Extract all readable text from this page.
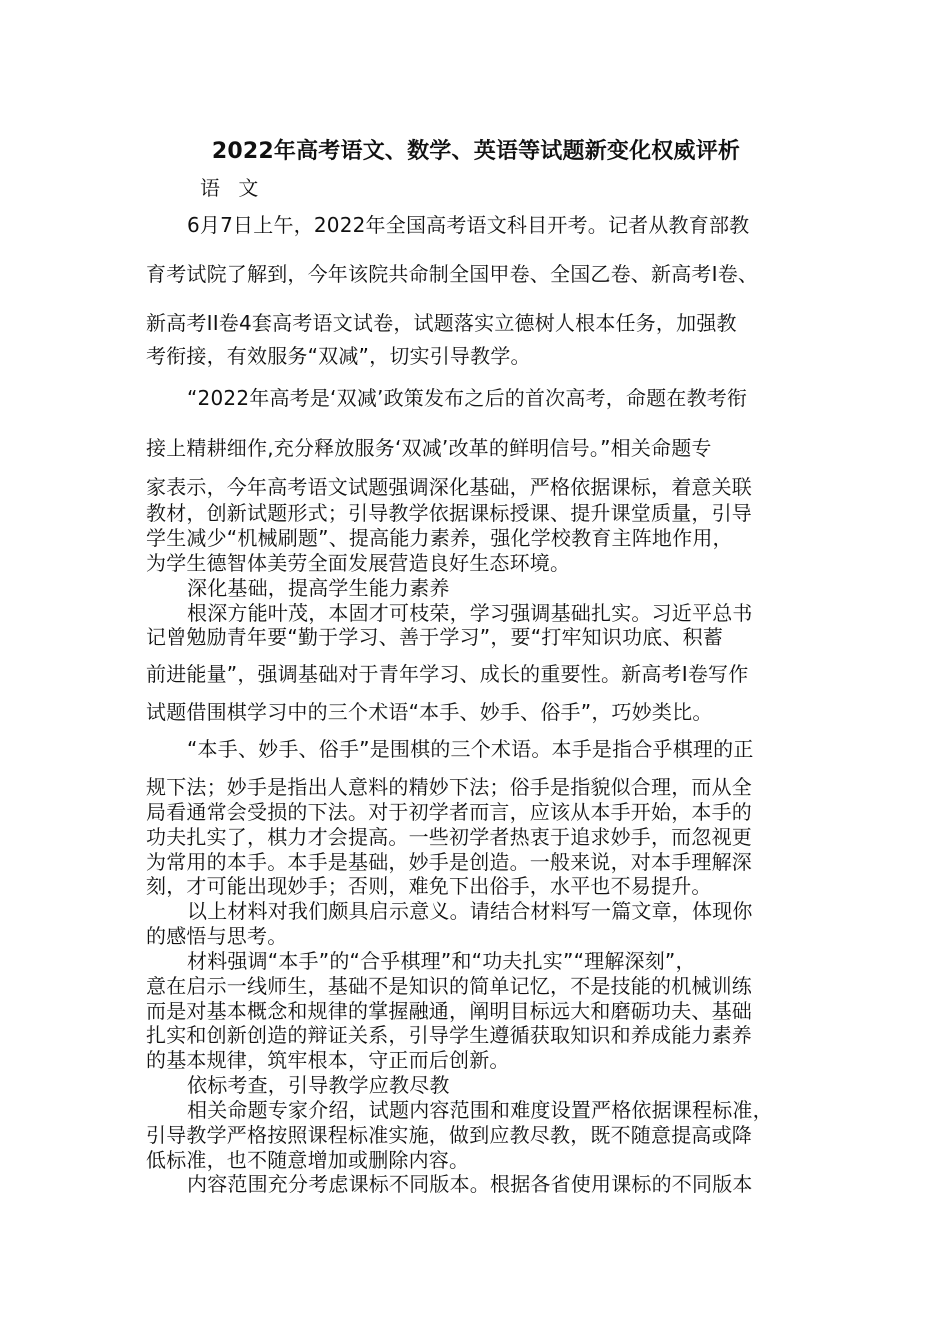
2022年高考语文、数学、英语等试题新变化权威评析

语 文

6月7日上午，2022年全国高考语文科目开考。记者从教育部教

育考试院了解到，今年该院共命制全国甲卷、全国乙卷、新高考I卷、

新高考II卷4套高考语文试卷，试题落实立德树人根本任务，加强教

考衔接，有效服务“双减”，切实引导教学。

“2022年高考是‘双减’政策发布之后的首次高考，命题在教考衔

接上精耕细作,充分释放服务‘双减’改革的鲜明信号。”相关命题专

家表示，今年高考语文试题强调深化基础，严格依据课标，着意关联

教材，创新试题形式；引导教学依据课标授课、提升课堂质量，引导

学生减少“机械刷题”、提高能力素养，强化学校教育主阵地作用，

为学生德智体美劳全面发展营造良好生态环境。

深化基础，提高学生能力素养

根深方能叶茂，本固才可枝荣，学习强调基础扎实。习近平总书

记曾勉励青年要“勤于学习、善于学习”，要“打牢知识功底、积蓄

前进能量”，强调基础对于青年学习、成长的重要性。新高考I卷写作

试题借围棋学习中的三个术语“本手、妙手、俗手”，巧妙类比。

“本手、妙手、俗手”是围棋的三个术语。本手是指合乎棋理的正

规下法；妙手是指出人意料的精妙下法；俗手是指貌似合理，而从全

局看通常会受损的下法。对于初学者而言，应该从本手开始，本手的

功夫扎实了，棋力才会提高。一些初学者热衷于追求妙手，而忽视更

为常用的本手。本手是基础，妙手是创造。一般来说，对本手理解深

刻，才可能出现妙手；否则，难免下出俗手，水平也不易提升。

以上材料对我们颇具启示意义。请结合材料写一篇文章，体现你

的感悟与思考。

材料强调“本手”的“合乎棋理”和“功夫扎实”“理解深刻”，

意在启示一线师生，基础不是知识的简单记忆，不是技能的机械训练

而是对基本概念和规律的掌握融通，阐明目标远大和磨砺功夫、基础

扎实和创新创造的辩证关系，引导学生遵循获取知识和养成能力素养

的基本规律，筑牢根本，守正而后创新。

依标考查，引导教学应教尽教

相关命题专家介绍，试题内容范围和难度设置严格依据课程标准，

引导教学严格按照课程标准实施，做到应教尽教，既不随意提高或降

低标准，也不随意增加或删除内容。

内容范围充分考虑课标不同版本。根据各省使用课标的不同版本
